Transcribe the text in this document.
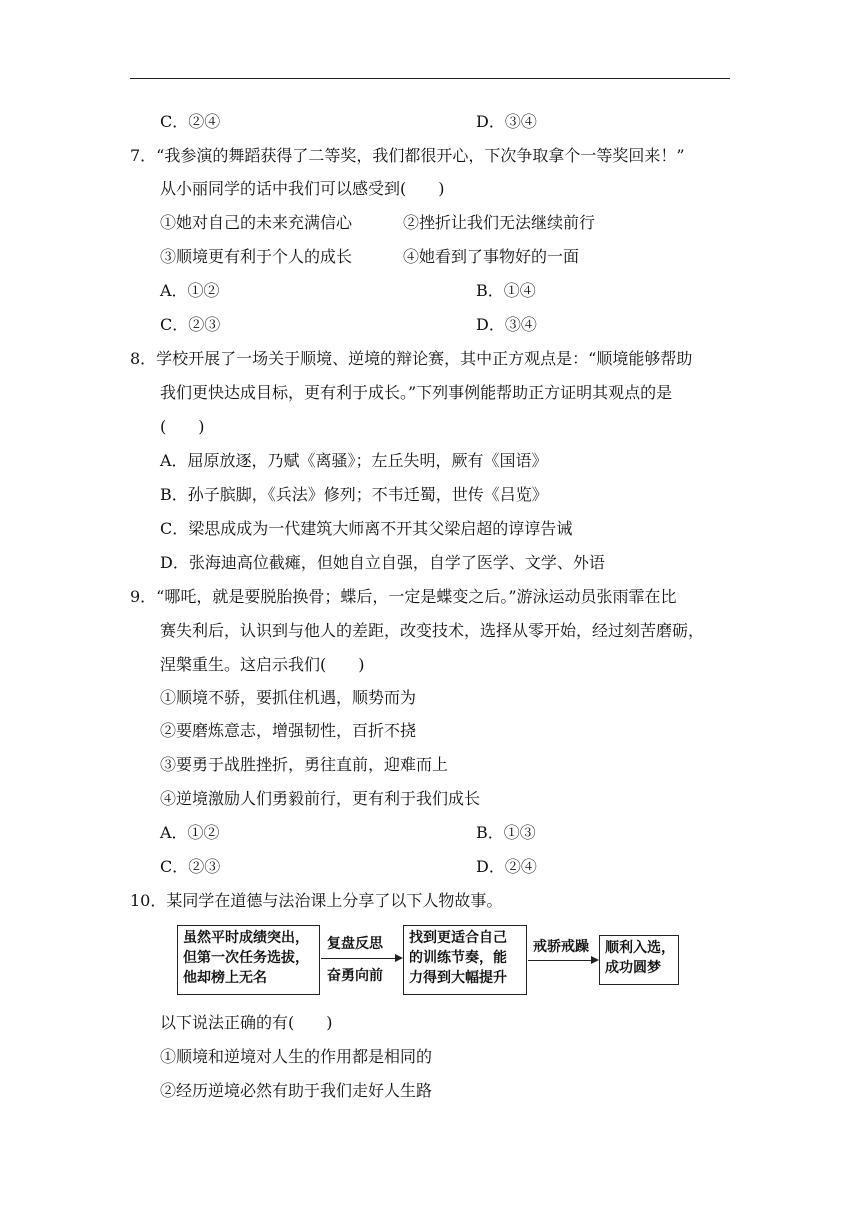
C．②④	D．③④
7．“我参演的舞蹈获得了二等奖，我们都很开心，下次争取拿个一等奖回来！”
从小丽同学的话中我们可以感受到(　　)
①她对自己的未来充满信心	②挫折让我们无法继续前行
③顺境更有利于个人的成长	④她看到了事物好的一面
A．①②	B．①④
C．②③	D．③④
8．学校开展了一场关于顺境、逆境的辩论赛，其中正方观点是：“顺境能够帮助
我们更快达成目标，更有利于成长。”下列事例能帮助正方证明其观点的是
(　　)
A．屈原放逐，乃赋《离骚》；左丘失明，厥有《国语》
B．孙子膑脚，《兵法》修列；不韦迁蜀，世传《吕览》
C．梁思成成为一代建筑大师离不开其父梁启超的谆谆告诫
D．张海迪高位截瘫，但她自立自强，自学了医学、文学、外语
9．“哪吒，就是要脱胎换骨；蝶后，一定是蝶变之后。”游泳运动员张雨霏在比
赛失利后，认识到与他人的差距，改变技术，选择从零开始，经过刻苦磨砺，
涅槃重生。这启示我们(　　)
①顺境不骄，要抓住机遇，顺势而为
②要磨炼意志，增强韧性，百折不挠
③要勇于战胜挫折，勇往直前，迎难而上
④逆境激励人们勇毅前行，更有利于我们成长
A．①②	B．①③
C．②③	D．②④
10．某同学在道德与法治课上分享了以下人物故事。
虽然平时成绩突出，
但第一次任务选拔，
他却榜上无名
复盘反思
奋勇向前
找到更适合自己
的训练节奏，能
力得到大幅提升
戒骄戒躁 顺利入选，
成功圆梦
以下说法正确的有(　　)
①顺境和逆境对人生的作用都是相同的
②经历逆境必然有助于我们走好人生路
